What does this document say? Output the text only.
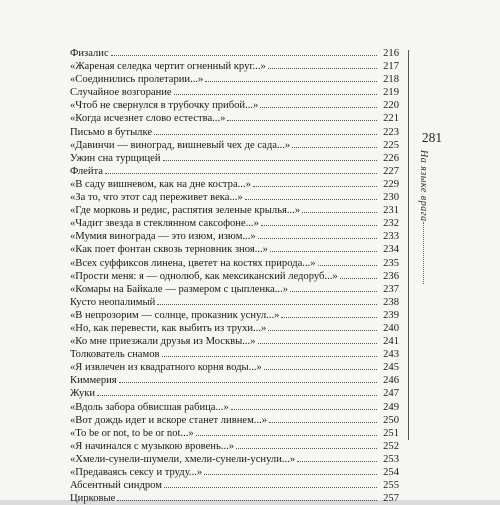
Физалис	216
«Жареная селедка чертит огненный круг...»	217
«Соединились пролетарии...»	218
Случайное возгорание	219
«Чтоб не свернулся в трубочку прибой...»	220
«Когда исчезнет слово естества...»	221
Письмо в бутылке	223
«Давинчи — виноград, вишневый чех де сада...»	225
Ужин сна турщицей	226
Флейта	227
«В саду вишневом, как на дне костра...»	229
«За то, что этот сад переживет века...»	230
«Где морковь и редис, распятия зеленые крылья...»	231
«Чадит звезда в стеклянном саксофоне...»	232
«Мумия винограда — это изюм, изюм...»	233
«Как поет фонтан сквозь терновник зноя...»	234
«Всех суффиксов линена, цветет на костях природа...»	235
«Прости меня: я — однолюб, как мексиканский ледоруб...»	236
«Комары на Байкале — размером с цыпленка...»	237
Кусто неопалимый	238
«В непрозорим — солнце, проказник уснул...»	239
«Но, как перевести, как выбить из трухи...»	240
«Ко мне приезжали друзья из Москвы...»	241
Толкователь снамов	243
«Я извлечен из квадратного корня воды...»	245
Киммерия	246
Жуки	247
«Вдоль забора обвисшая рабица...»	249
«Вот дождь идет и вскоре станет ливнем...»	250
«To be or not, to be or not...»	251
«Я начинался с музыкою вровень...»	252
«Хмели-сунели-шумели, хмели-сунели-уснули...»	253
«Предаваясь сексу и труду...»	254
Абсентный синдром	255
Цирковые	257
281
На языке врага
